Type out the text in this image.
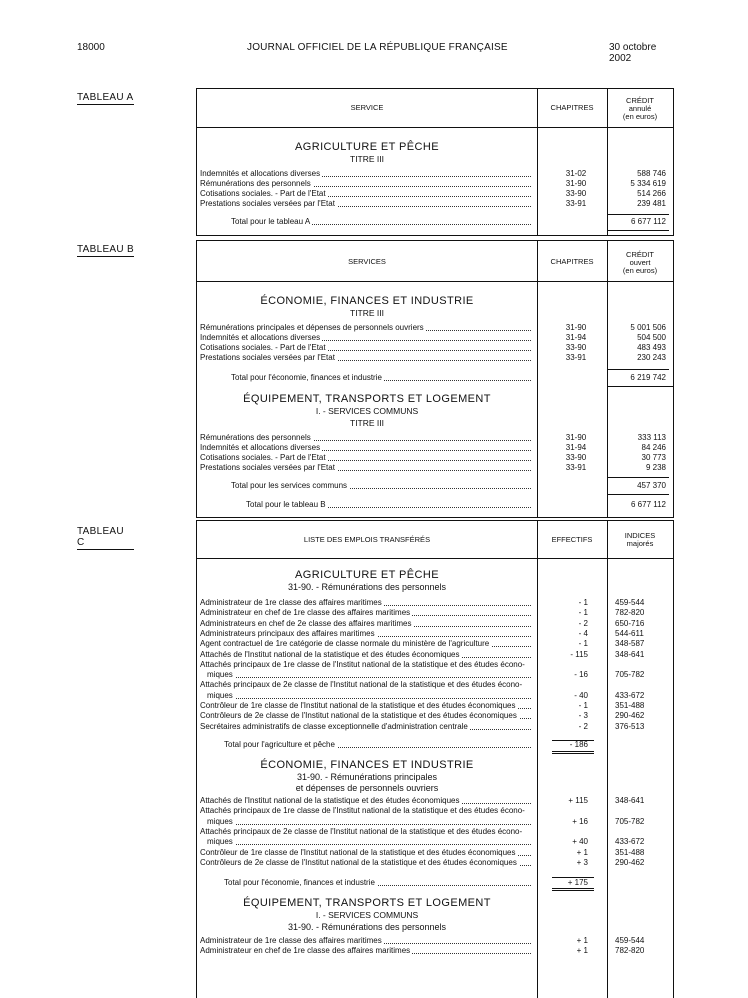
18000	JOURNAL OFFICIEL DE LA RÉPUBLIQUE FRANÇAISE	30 octobre 2002
TABLEAU A
SERVICE	CHAPITRES
CRÉDIT
annulé
(en euros)
AGRICULTURE ET PÊCHE
TITRE III
Indemnités et allocations diverses	31-02	588 746
Rémunérations des personnels	31-90	5 334 619
Cotisations sociales. - Part de l'Etat	33-90	514 266
Prestations sociales versées par l'Etat	33-91	239 481
Total pour le tableau A	6 677 112
TABLEAU B
SERVICES	CHAPITRES
CRÉDIT
ouvert
(en euros)
ÉCONOMIE, FINANCES ET INDUSTRIE
TITRE III
Rémunérations principales et dépenses de personnels ouvriers	31-90	5 001 506
Indemnités et allocations diverses	31-94	504 500
Cotisations sociales. - Part de l'Etat	33-90	483 493
Prestations sociales versées par l'Etat	33-91	230 243
Total pour l'économie, finances et industrie	6 219 742
ÉQUIPEMENT, TRANSPORTS ET LOGEMENT
I. - SERVICES COMMUNS
TITRE III
Rémunérations des personnels	31-90	333 113
Indemnités et allocations diverses	31-94	84 246
Cotisations sociales. - Part de l'Etat	33-90	30 773
Prestations sociales versées par l'Etat	33-91	9 238
Total pour les services communs	457 370
Total pour le tableau B	6 677 112
TABLEAU C	LISTE DES EMPLOIS TRANSFÉRÉS	EFFECTIFS	INDICES
majorés
AGRICULTURE ET PÊCHE
31-90. - Rémunérations des personnels
Administrateur de 1re classe des affaires maritimes	- 1	459-544
Administrateur en chef de 1re classe des affaires maritimes	- 1	782-820
Administrateurs en chef de 2e classe des affaires maritimes	- 2	650-716
Administrateurs principaux des affaires maritimes	- 4	544-611
Agent contractuel de 1re catégorie de classe normale du ministère de l'agriculture	- 1	348-587
Attachés de l'Institut national de la statistique et des études économiques	- 115	348-641
Attachés principaux de 1re classe de l'Institut national de la statistique et des études écono-
miques	- 16	705-782
Attachés principaux de 2e classe de l'Institut national de la statistique et des études écono-
miques	- 40	433-672
Contrôleur de 1re classe de l'Institut national de la statistique et des études économiques	- 1	351-488
Contrôleurs de 2e classe de l'Institut national de la statistique et des études économiques	- 3	290-462
Secrétaires administratifs de classe exceptionnelle d'administration centrale	- 2	376-513
Total pour l'agriculture et pêche	- 186
ÉCONOMIE, FINANCES ET INDUSTRIE
31-90. - Rémunérations principales
et dépenses de personnels ouvriers
Attachés de l'Institut national de la statistique et des études économiques	+ 115	348-641
Attachés principaux de 1re classe de l'Institut national de la statistique et des études écono-
miques	+ 16	705-782
Attachés principaux de 2e classe de l'Institut national de la statistique et des études écono-
miques	+ 40	433-672
Contrôleur de 1re classe de l'Institut national de la statistique et des études économiques	+ 1	351-488
Contrôleurs de 2e classe de l'Institut national de la statistique et des études économiques	+ 3	290-462
Total pour l'économie, finances et industrie	+ 175
ÉQUIPEMENT, TRANSPORTS ET LOGEMENT
I. - SERVICES COMMUNS
31-90. - Rémunérations des personnels
Administrateur de 1re classe des affaires maritimes	+ 1	459-544
Administrateur en chef de 1re classe des affaires maritimes	+ 1	782-820
